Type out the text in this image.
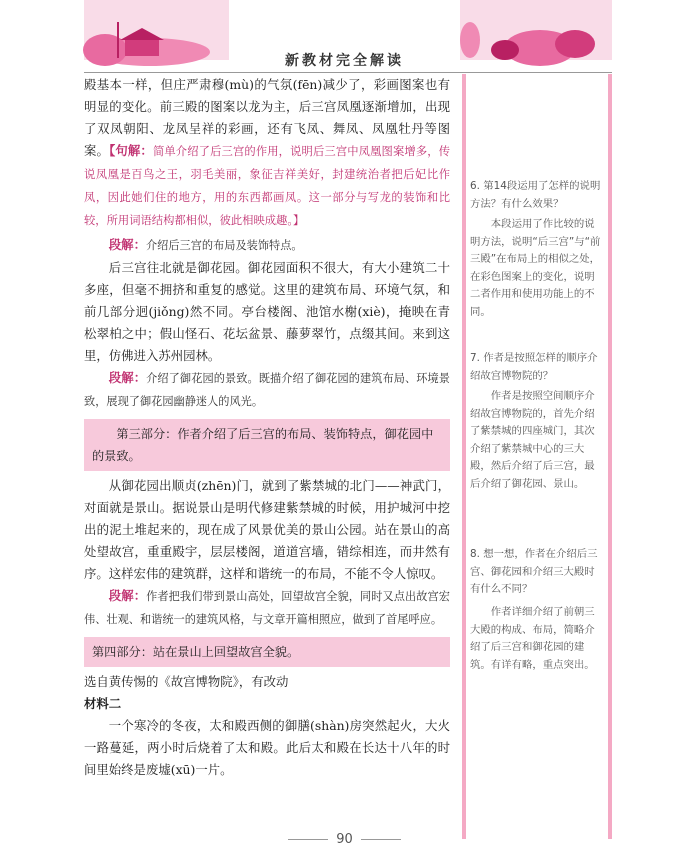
新教材完全解读

殿基本一样，但庄严肃穆(mù)的气氛(fēn)减少了，彩画图案也有明显的变化。前三殿的图案以龙为主，后三宫凤凰逐渐增加，出现了双凤朝阳、龙凤呈祥的彩画，还有飞凤、舞凤、凤凰牡丹等图案。【句解：简单介绍了后三宫的作用，说明后三宫中凤凰图案增多，传说凤凰是百鸟之王，羽毛美丽，象征吉祥美好，封建统治者把后妃比作凤，因此她们住的地方，用的东西都画凤。这一部分与写龙的装饰和比较，所用词语结构都相似，彼此相映成趣。】

段解：介绍后三宫的布局及装饰特点。

后三宫往北就是御花园。御花园面积不很大，有大小建筑二十多座，但毫不拥挤和重复的感觉。这里的建筑布局、环境气氛，和前几部分迥(jiǒng)然不同。亭台楼阁、池馆水榭(xiè)，掩映在青松翠柏之中；假山怪石、花坛盆景、藤萝翠竹，点缀其间。来到这里，仿佛进入苏州园林。

段解：介绍了御花园的景致。既描介绍了御花园的建筑布局、环境景致，展现了御花园幽静迷人的风光。

第三部分：作者介绍了后三宫的布局、装饰特点，御花园中的景致。

从御花园出顺贞(zhēn)门，就到了紫禁城的北门——神武门，对面就是景山。据说景山是明代修建紫禁城的时候，用护城河中挖出的泥土堆起来的，现在成了风景优美的景山公园。站在景山的高处望故宫，重重殿宇，层层楼阁，道道宫墙，错综相连，而井然有序。这样宏伟的建筑群，这样和谐统一的布局，不能不令人惊叹。

段解：作者把我们带到景山高处，回望故宫全貌，同时又点出故宫宏伟、壮观、和谐统一的建筑风格，与文章开篇相照应，做到了首尾呼应。

第四部分：站在景山上回望故宫全貌。

选自黄传惕的《故宫博物院》，有改动

材料二

一个寒冷的冬夜，太和殿西侧的御膳(shàn)房突然起火，大火一路蔓延，两小时后烧着了太和殿。此后太和殿在长达十八年的时间里始终是废墟(xū)一片。

6. 第14段运用了怎样的说明方法？有什么效果？
本段运用了作比较的说明方法，说明“后三宫”与“前三殿”在布局上的相似之处，在彩色图案上的变化，说明二者作用和使用功能上的不同。
7. 作者是按照怎样的顺序介绍故宫博物院的？
作者是按照空间顺序介绍故宫博物院的，首先介绍了紫禁城的四座城门，其次介绍了紫禁城中心的三大殿，然后介绍了后三宫，最后介绍了御花园、景山。
8. 想一想，作者在介绍后三宫、御花园和介绍三大殿时有什么不同？
作者详细介绍了前朝三大殿的构成、布局，简略介绍了后三宫和御花园的建筑。有详有略，重点突出。
90
